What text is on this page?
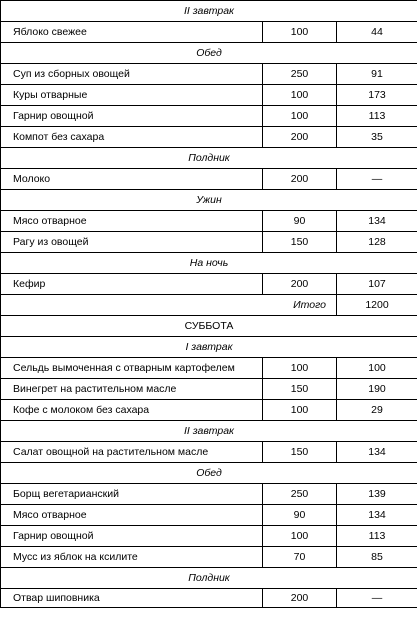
II завтрак		
Яблоко свежее	100	44
Обед		
Суп из сборных овощей	250	91
Куры отварные	100	173
Гарнир овощной	100	113
Компот без сахара	200	35
Полдник		
Молоко	200	—
Ужин		
Мясо отварное	90	134
Рагу из овощей	150	128
На ночь		
Кефир	200	107
Итого		1200
СУББОТА		
I завтрак		
Сельдь вымоченная с отварным картофелем	100	100
Винегрет на растительном масле	150	190
Кофе с молоком без сахара	100	29
II завтрак		
Салат овощной на растительном масле	150	134
Обед		
Борщ вегетарианский	250	139
Мясо отварное	90	134
Гарнир овощной	100	113
Мусс из яблок на ксилите	70	85
Полдник		
Отвар шиповника	200	—
